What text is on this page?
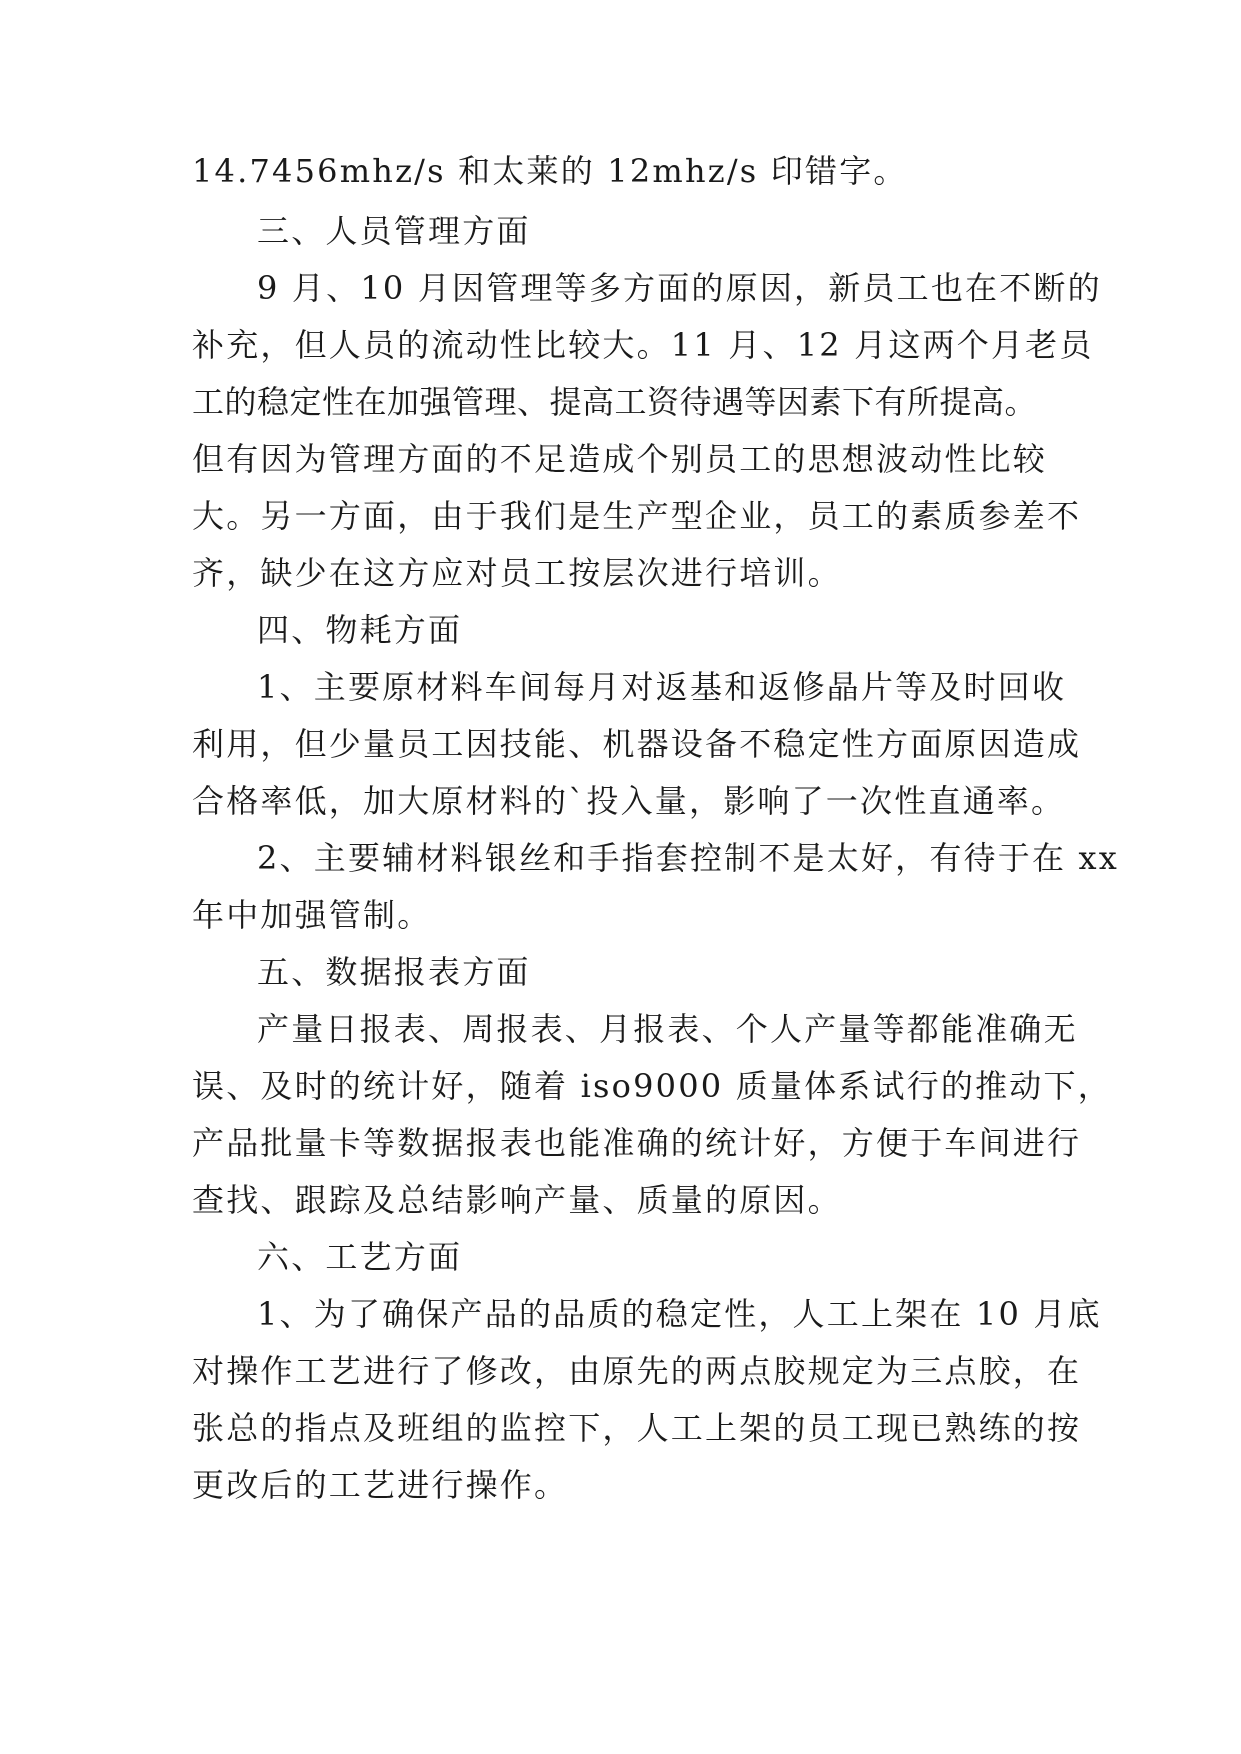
14.7456mhz/s 和太莱的 12mhz/s 印错字。
三、人员管理方面
9 月、10 月因管理等多方面的原因，新员工也在不断的
补充，但人员的流动性比较大。11 月、12 月这两个月老员
工的稳定性在加强管理、提高工资待遇等因素下有所提高。
但有因为管理方面的不足造成个别员工的思想波动性比较
大。另一方面，由于我们是生产型企业，员工的素质参差不
齐，缺少在这方应对员工按层次进行培训。
四、物耗方面
1、主要原材料车间每月对返基和返修晶片等及时回收
利用，但少量员工因技能、机器设备不稳定性方面原因造成
合格率低，加大原材料的`投入量，影响了一次性直通率。
2、主要辅材料银丝和手指套控制不是太好，有待于在 xx
年中加强管制。
五、数据报表方面
产量日报表、周报表、月报表、个人产量等都能准确无
误、及时的统计好，随着 iso9000 质量体系试行的推动下，
产品批量卡等数据报表也能准确的统计好，方便于车间进行
查找、跟踪及总结影响产量、质量的原因。
六、工艺方面
1、为了确保产品的品质的稳定性，人工上架在 10 月底
对操作工艺进行了修改，由原先的两点胶规定为三点胶，在
张总的指点及班组的监控下，人工上架的员工现已熟练的按
更改后的工艺进行操作。
